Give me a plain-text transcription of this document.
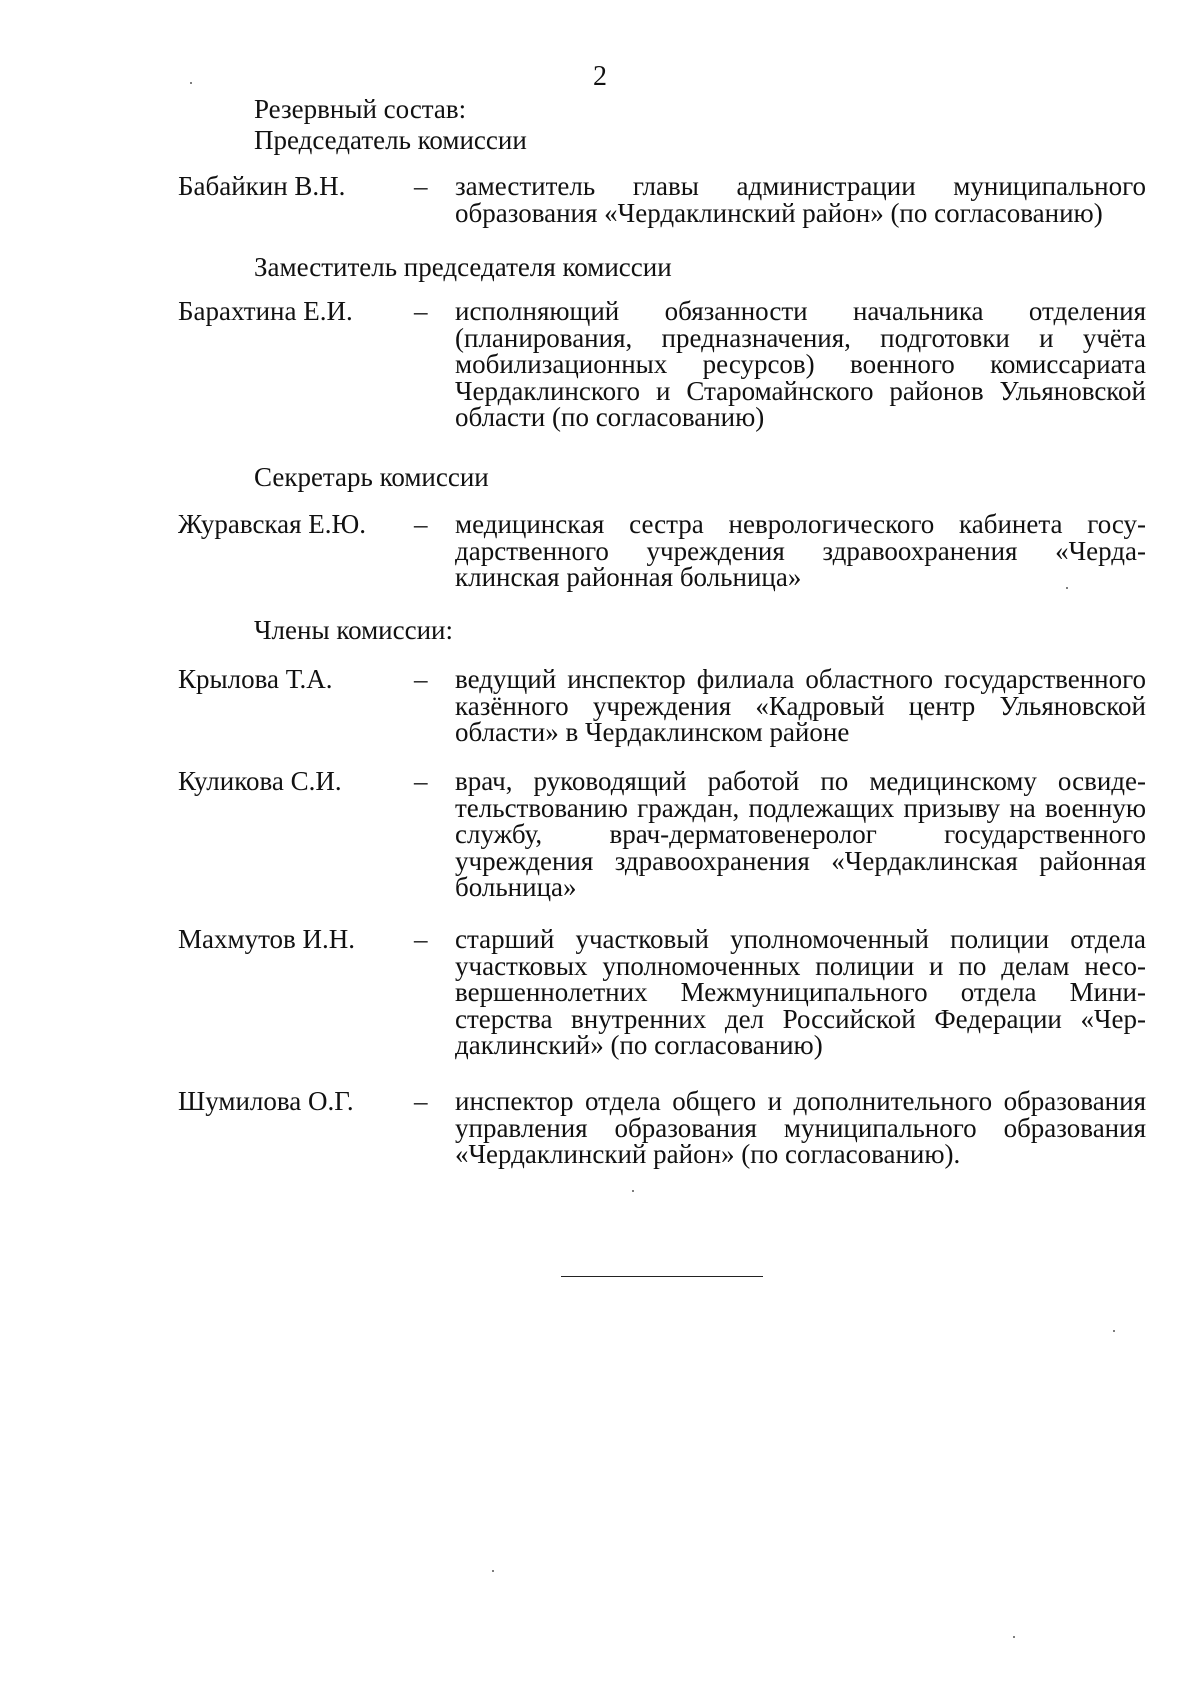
2
Резервный состав:
Председатель комиссии
Бабайкин В.Н.	– заместитель главы администрации муниципального образования «Чердаклинский район» (по согласованию)
Заместитель председателя комиссии
Барахтина Е.И. – исполняющий обязанности начальника отделения (планирования, предназначения, подготовки и учёта мобилизационных ресурсов) военного комиссариата Чердаклинского и Старомайнского районов Ульяновской области (по согласованию)
Секретарь комиссии
Журавская Е.Ю. – медицинская сестра неврологического кабинета государственного учреждения здравоохранения «Чердаклинская районная больница»
Члены комиссии:
Крылова Т.А.	– ведущий инспектор филиала областного государственного казённого учреждения «Кадровый центр Ульяновской области» в Чердаклинском районе
Куликова С.И.	– врач, руководящий работой по медицинскому освидетельствованию граждан, подлежащих призыву на военную службу, врач-дерматовенеролог государственного учреждения здравоохранения «Чердаклинская районная больница»
Махмутов И.Н. – старший участковый уполномоченный полиции отдела участковых уполномоченных полиции и по делам несовершеннолетних Межмуниципального отдела Министерства внутренних дел Российской Федерации «Чердаклинский» (по согласованию)
Шумилова О.Г. – инспектор отдела общего и дополнительного образования управления образования муниципального образования «Чердаклинский район» (по согласованию).
